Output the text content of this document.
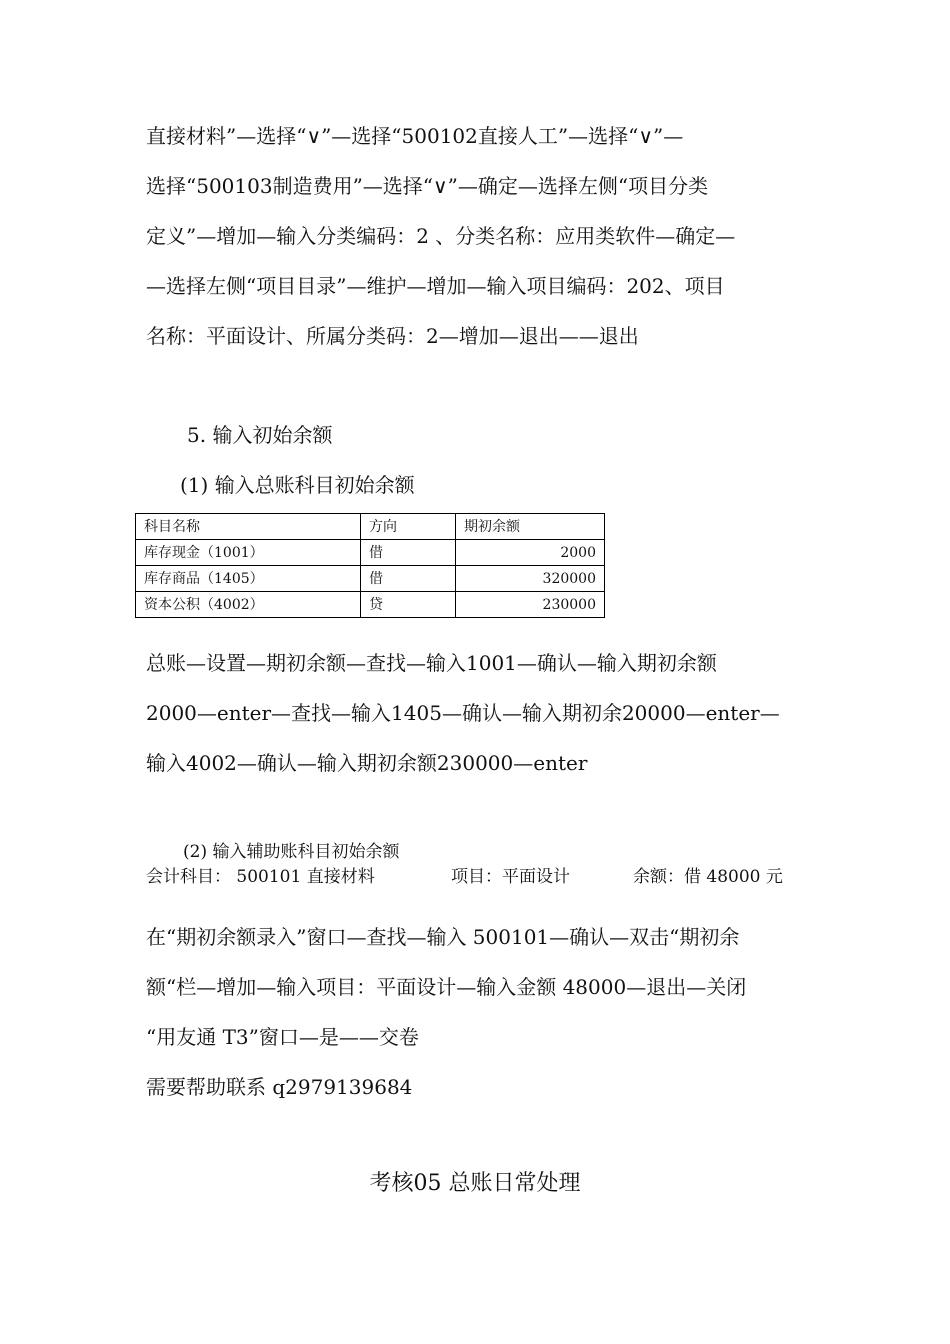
直接材料”—选择“∨”—选择“500102直接人工”—选择“∨”—
选择“500103制造费用”—选择“∨”—确定—选择左侧“项目分类
定义”—增加—输入分类编码：2 、分类名称：应用类软件—确定—
—选择左侧“项目目录”—维护—增加—输入项目编码：202、项目
名称：平面设计、所属分类码：2—增加—退出——退出
5. 输入初始余额
(1) 输入总账科目初始余额
科目名称	方向	期初余额
库存现金（1001）	借	2000
库存商品（1405）	借	320000
资本公积（4002）	贷	230000
总账—设置—期初余额—查找—输入1001—确认—输入期初余额
2000—enter—查找—输入1405—确认—输入期初余20000—enter—
输入4002—确认—输入期初余额230000—enter
(2) 输入辅助账科目初始余额
会计科目： 500101 直接材料	项目：平面设计	余额：借 48000 元
在“期初余额录入”窗口—查找—输入 500101—确认—双击“期初余
额“栏—增加—输入项目：平面设计—输入金额 48000—退出—关闭
“用友通 T3”窗口—是——交卷
需要帮助联系 q2979139684
考核05 总账日常处理
